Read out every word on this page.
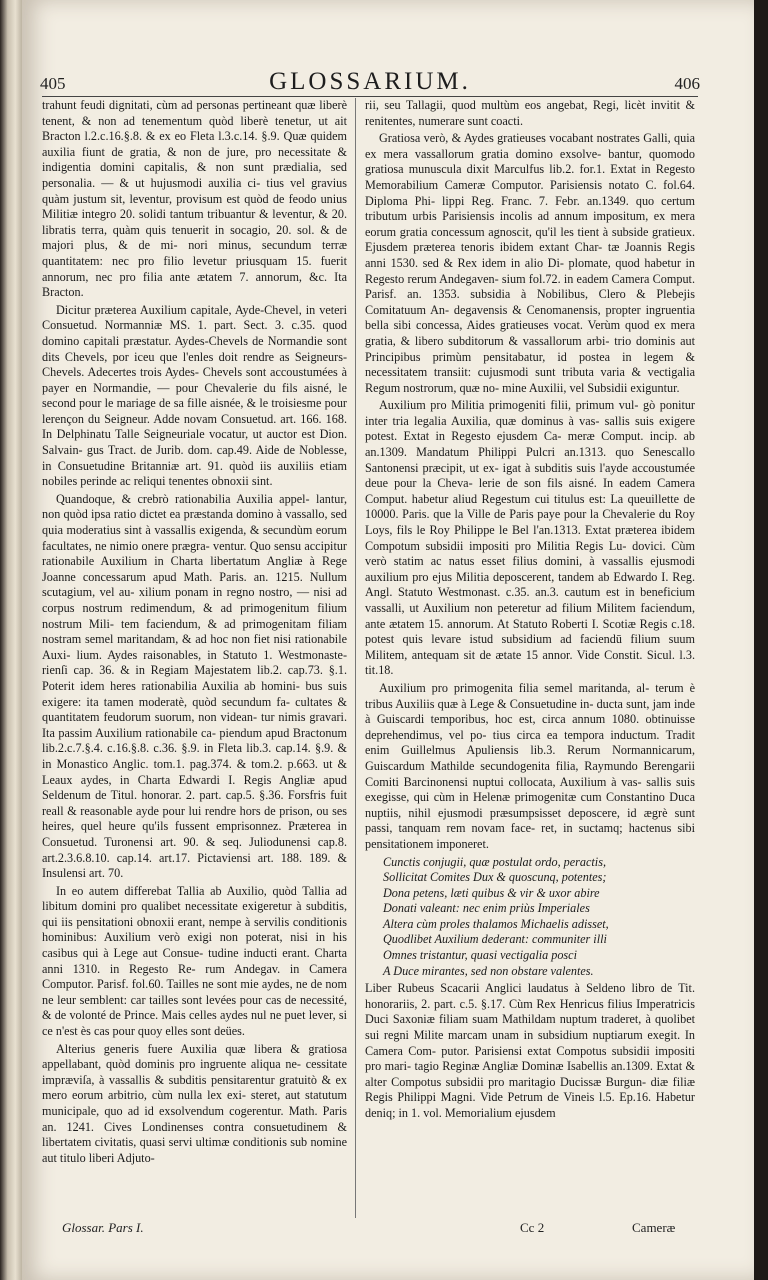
405	GLOSSARIUM.	406

trahunt feudi dignitati, cùm ad personas pertineant quæ liberè tenent, & non ad tenementum quòd liberè tenetur, ut ait Bracton l.2.c.16.§.8. & ex eo Fleta l.3.c.14. §.9. Quæ quidem auxilia fiunt de gratia, & non de jure, pro necessitate & indigentia domini capitalis, & non sunt prædialia, sed personalia. — & ut hujusmodi auxilia ci- tius vel gravius quàm justum sit, leventur, provisum est quòd de feodo unius Militiæ integro 20. solidi tantum tribuantur & leventur, & 20. libratis terra, quàm quis tenuerit in socagio, 20. sol. & de majori plus, & de mi- nori minus, secundum terræ quantitatem: nec pro filio levetur priusquam 15. fuerit annorum, nec pro filia ante ætatem 7. annorum, &c. Ita Bracton.

Dicitur præterea Auxilium capitale, Ayde-Chevel, in veteri Consuetud. Normanniæ MS. 1. part. Sect. 3. c.35. quod domino capitali præstatur. Aydes-Chevels de Normandie sont dits Chevels, por iceu que l'enles doit rendre as Seigneurs-Chevels. Adecertes trois Aydes- Chevels sont accoustumées à payer en Normandie, — pour Chevalerie du fils aisné, le second pour le mariage de sa fille aisnée, & le troisiesme pour lerençon du Seigneur. Adde novam Consuetud. art. 166. 168. In Delphinatu Talle Seigneuriale vocatur, ut auctor est Dion. Salvain- gus Tract. de Jurib. dom. cap.49. Aide de Noblesse, in Consuetudine Britanniæ art. 91. quòd iis auxiliis etiam nobiles perinde ac reliqui tenentes obnoxii sint.

Quandoque, & crebrò rationabilia Auxilia appel- lantur, non quòd ipsa ratio dictet ea præstanda domino à vassallo, sed quia moderatius sint à vassallis exigenda, & secundùm eorum facultates, ne nimio onere prægra- ventur. Quo sensu accipitur rationabile Auxilium in Charta libertatum Angliæ à Rege Joanne concessarum apud Math. Paris. an. 1215. Nullum scutagium, vel au- xilium ponam in regno nostro, — nisi ad corpus nostrum redimendum, & ad primogenitum filium nostrum Mili- tem faciendum, & ad primogenitam filiam nostram semel maritandam, & ad hoc non fiet nisi rationabile Auxi- lium. Aydes raisonables, in Statuto 1. Westmonaste- rienſi cap. 36. & in Regiam Majestatem lib.2. cap.73. §.1. Poterit idem heres rationabilia Auxilia ab homini- bus suis exigere: ita tamen moderatè, quòd secundum fa- cultates & quantitatem feudorum suorum, non videan- tur nimis gravari. Ita passim Auxilium rationabile ca- piendum apud Bractonum lib.2.c.7.§.4. c.16.§.8. c.36. §.9. in Fleta lib.3. cap.14. §.9. & in Monastico Anglic. tom.1. pag.374. & tom.2. p.663. ut & Leaux aydes, in Charta Edwardi I. Regis Angliæ apud Seldenum de Titul. honorar. 2. part. cap.5. §.36. Forsfris fuit reall & reasonable ayde pour lui rendre hors de prison, ou ses heires, quel heure qu'ils fussent emprisonnez. Præterea in Consuetud. Turonensi art. 90. & seq. Juliodunensi cap.8. art.2.3.6.8.10. cap.14. art.17. Pictaviensi art. 188. 189. & Insulensi art. 70.

In eo autem differebat Tallia ab Auxilio, quòd Tallia ad libitum domini pro qualibet necessitate exigeretur à subditis, qui iis pensitationi obnoxii erant, nempe à servilis conditionis hominibus: Auxilium verò exigi non poterat, nisi in his casibus qui à Lege aut Consue- tudine inducti erant. Charta anni 1310. in Regesto Re- rum Andegav. in Camera Computor. Parisf. fol.60. Tailles ne sont mie aydes, ne de nom ne leur semblent: car tailles sont levées pour cas de necessité, & de volonté de Prince. Mais celles aydes nul ne puet lever, si ce n'est ès cas pour quoy elles sont deües.

Alterius generis fuere Auxilia quæ libera & gratiosa appellabant, quòd dominis pro ingruente aliqua ne- cessitate impræviſa, à vassallis & subditis pensitarentur gratuitò & ex mero eorum arbitrio, cùm nulla lex exi- steret, aut statutum municipale, quo ad id exsolvendum cogerentur. Math. Paris an. 1241. Cives Londinenses contra consuetudinem & libertatem civitatis, quasi servi ultimæ conditionis sub nomine aut titulo liberi Adjuto-

rii, seu Tallagii, quod multùm eos angebat, Regi, licèt invitit & renitentes, numerare sunt coacti.

Gratiosa verò, & Aydes gratieuses vocabant nostrates Galli, quia ex mera vassallorum gratia domino exsolve- bantur, quomodo gratiosa munuscula dixit Marculfus lib.2. for.1. Extat in Regesto Memorabilium Cameræ Computor. Parisiensis notato C. fol.64. Diploma Phi- lippi Reg. Franc. 7. Febr. an.1349. quo certum tributum urbis Parisiensis incolis ad annum impositum, ex mera eorum gratia concessum agnoscit, qu'il les tient à subside gratieux. Ejusdem præterea tenoris ibidem extant Char- tæ Joannis Regis anni 1530. sed & Rex idem in alio Di- plomate, quod habetur in Regesto rerum Andegaven- sium fol.72. in eadem Camera Comput. Parisf. an. 1353. subsidia à Nobilibus, Clero & Plebejis Comitatuum An- degavensis & Cenomanensis, propter ingruentia bella sibi concessa, Aides gratieuses vocat. Verùm quod ex mera gratia, & libero subditorum & vassallorum arbi- trio dominis aut Principibus primùm pensitabatur, id postea in legem & necessitatem transiit: cujusmodi sunt tributa varia & vectigalia Regum nostrorum, quæ no- mine Auxilii, vel Subsidii exiguntur.

Auxilium pro Militia primogeniti filii, primum vul- gò ponitur inter tria legalia Auxilia, quæ dominus à vas- sallis suis exigere potest. Extat in Regesto ejusdem Ca- meræ Comput. incip. ab an.1309. Mandatum Philippi Pulcri an.1313. quo Senescallo Santonensi præcipit, ut ex- igat à subditis suis l'ayde accoustumée deue pour la Cheva- lerie de son fils aisné. In eadem Camera Comput. habetur aliud Regestum cui titulus est: La queuillette de 10000. Paris. que la Ville de Paris paye pour la Chevalerie du Roy Loys, fils le Roy Philippe le Bel l'an.1313. Extat præterea ibidem Compotum subsidii impositi pro Militia Regis Lu- dovici. Cùm verò statim ac natus esset filius domini, à vassallis ejusmodi auxilium pro ejus Militia deposcerent, tandem ab Edwardo I. Reg. Angl. Statuto Westmonast. c.35. an.3. cautum est in beneficium vassalli, ut Auxilium non peteretur ad filium Militem faciendum, ante ætatem 15. annorum. At Statuto Roberti I. Scotiæ Regis c.18. potest quis levare istud subsidium ad faciendū filium suum Militem, antequam sit de ætate 15 annor. Vide Constit. Sicul. l.3. tit.18.

Auxilium pro primogenita filia semel maritanda, al- terum è tribus Auxiliis quæ à Lege & Consuetudine in- ducta sunt, jam inde à Guiscardi temporibus, hoc est, circa annum 1080. obtinuisse deprehendimus, vel po- tius circa ea tempora inductum. Tradit enim Guillelmus Apuliensis lib.3. Rerum Normannicarum, Guiscardum Mathilde secundogenita filia, Raymundo Berengarii Comiti Barcinonensi nuptui collocata, Auxilium à vas- sallis suis exegisse, qui cùm in Helenæ primogenitæ cum Constantino Duca nuptiis, nihil ejusmodi præsumpsisset deposcere, id ægrè sunt passi, tanquam rem novam face- ret, in suctamq; hactenus sibi pensitationem imponeret.

Cunctis conjugii, quæ postulat ordo, peractis,
Sollicitat Comites Dux & quoscunq, potentes;
Dona petens, læti quibus & vir & uxor abire
Donati valeant: nec enim priùs Imperiales
Altera cùm proles thalamos Michaelis adisset,
Quodlibet Auxilium dederant: communiter illi
Omnes tristantur, quasi vectigalia posci
A Duce mirantes, sed non obstare valentes.

Liber Rubeus Scacarii Anglici laudatus à Seldeno libro de Tit. honorariis, 2. part. c.5. §.17. Cùm Rex Henricus filius Imperatricis Duci Saxoniæ filiam suam Mathildam nuptum traderet, à quolibet sui regni Milite marcam unam in subsidium nuptiarum exegit. In Camera Com- putor. Parisiensi extat Compotus subsidii impositi pro mari- tagio Reginæ Angliæ Dominæ Isabellis an.1309. Extat & alter Compotus subsidii pro maritagio Ducissæ Burgun- diæ filiæ Regis Philippi Magni. Vide Petrum de Vineis l.5. Ep.16. Habetur deniq; in 1. vol. Memorialium ejusdem

Glossar. Pars I.	Cc 2	Cameræ
